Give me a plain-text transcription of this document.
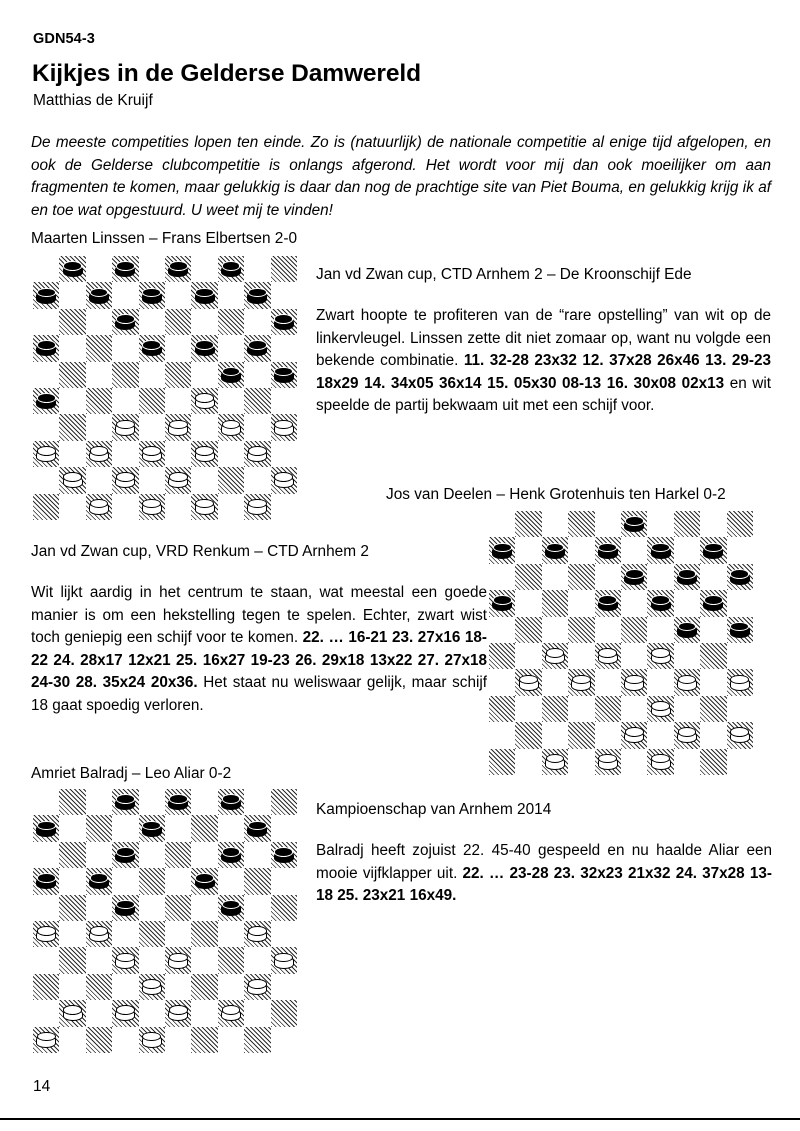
GDN54-3
Kijkjes in de Gelderse Damwereld
Matthias de Kruijf
De meeste competities lopen ten einde. Zo is (natuurlijk) de nationale competitie al enige tijd afgelopen, en ook de Gelderse clubcompetitie is onlangs afgerond. Het wordt voor mij dan ook moeilijker om aan fragmenten te komen, maar gelukkig is daar dan nog de prachtige site van Piet Bouma, en gelukkig krijg ik af en toe wat opgestuurd. U weet mij te vinden!
Maarten Linssen – Frans Elbertsen 2-0
Jan vd Zwan cup, CTD Arnhem 2 – De Kroonschijf Ede
Zwart hoopte te profiteren van de “rare opstelling” van wit op de linkervleugel. Linssen zette dit niet zomaar op, want nu volgde een bekende combinatie. 11. 32-28 23x32 12. 37x28 26x46 13. 29-23 18x29 14. 34x05 36x14 15. 05x30 08-13 16. 30x08 02x13 en wit speelde de partij bekwaam uit met een schijf voor.
Jos van Deelen – Henk Grotenhuis ten Harkel 0-2
Jan vd Zwan cup, VRD Renkum – CTD Arnhem 2
Wit lijkt aardig in het centrum te staan, wat meestal een goede manier is om een hekstelling tegen te spelen. Echter, zwart wist toch geniepig een schijf voor te komen. 22. … 16-21 23. 27x16 18-22 24. 28x17 12x21 25. 16x27 19-23 26. 29x18 13x22 27. 27x18 24-30 28. 35x24 20x36. Het staat nu weliswaar gelijk, maar schijf 18 gaat spoedig verloren.
Amriet Balradj – Leo Aliar 0-2
Kampioenschap van Arnhem 2014
Balradj heeft zojuist 22. 45-40 gespeeld en nu haalde Aliar een mooie vijfklapper uit. 22. … 23-28 23. 32x23 21x32 24. 37x28 13-18 25. 23x21 16x49.
14
